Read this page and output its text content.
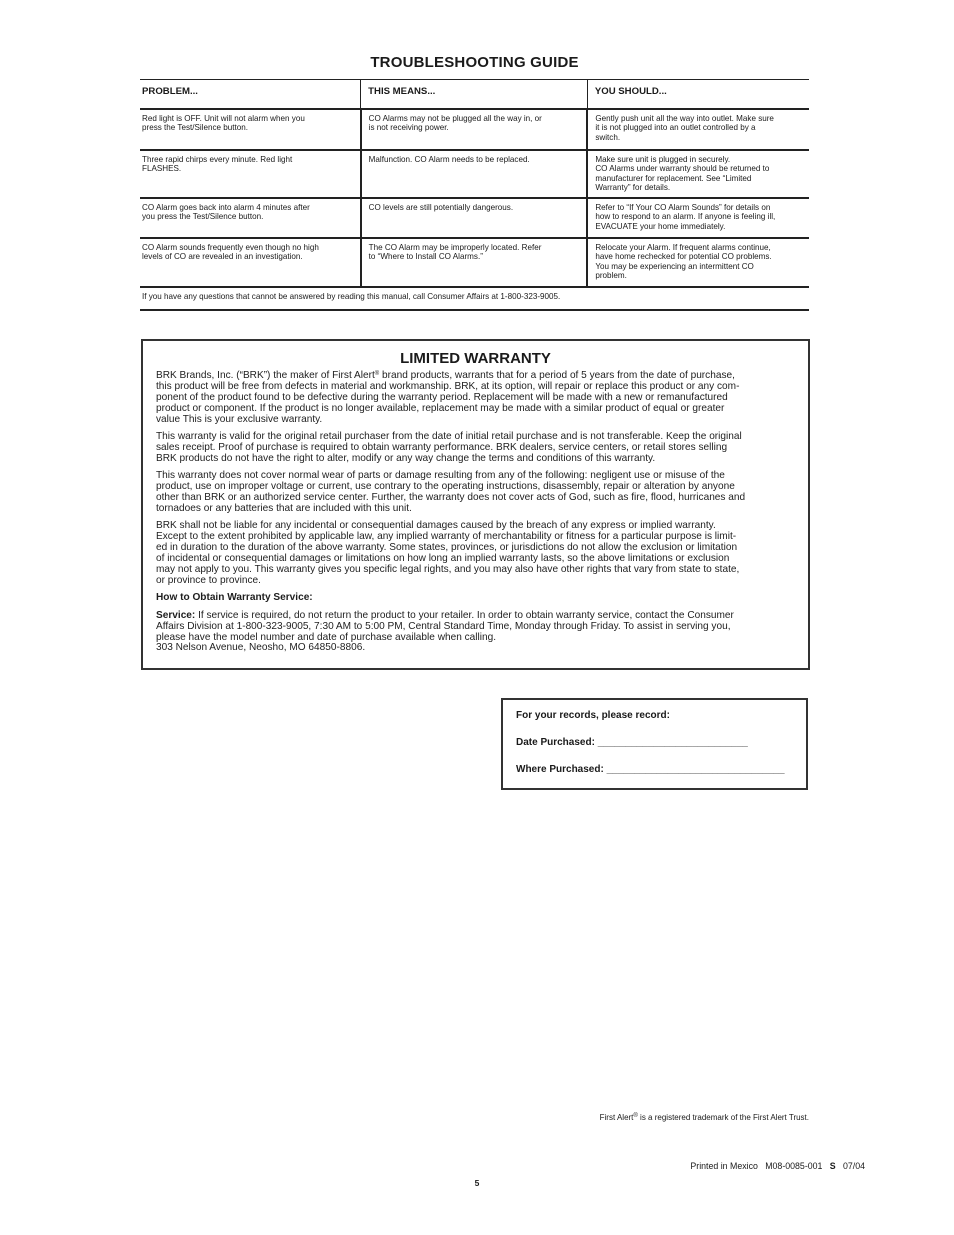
TROUBLESHOOTING GUIDE
PROBLEM...	THIS MEANS...	YOU SHOULD...

Red light is OFF. Unit will not alarm when you
press the Test/Silence button.	CO Alarms may not be plugged all the way in, or
is not receiving power.	Gently push unit all the way into outlet. Make sure
it is not plugged into an outlet controlled by a
switch.

Three rapid chirps every minute. Red light
FLASHES.	Malfunction. CO Alarm needs to be replaced.	Make sure unit is plugged in securely.
CO Alarms under warranty should be returned to
manufacturer for replacement. See “Limited
Warranty” for details.

CO Alarm goes back into alarm 4 minutes after
you press the Test/Silence button.	CO levels are still potentially dangerous.	Refer to “If Your CO Alarm Sounds” for details on
how to respond to an alarm. If anyone is feeling ill,
EVACUATE your home immediately.

CO Alarm sounds frequently even though no high
levels of CO are revealed in an investigation.	The CO Alarm may be improperly located. Refer
to “Where to Install CO Alarms.”	Relocate your Alarm. If frequent alarms continue,
have home rechecked for potential CO problems.
You may be experiencing an intermittent CO
problem.

If you have any questions that cannot be answered by reading this manual, call Consumer Affairs at 1-800-323-9005.		
LIMITED WARRANTY

BRK Brands, Inc. (“BRK”) the maker of First Alert® brand products, warrants that for a period of 5 years from the date of purchase,
this product will be free from defects in material and workmanship. BRK, at its option, will repair or replace this product or any com-
ponent of the product found to be defective during the warranty period. Replacement will be made with a new or remanufactured
product or component. If the product is no longer available, replacement may be made with a similar product of equal or greater
value This is your exclusive warranty.

This warranty is valid for the original retail purchaser from the date of initial retail purchase and is not transferable. Keep the original
sales receipt. Proof of purchase is required to obtain warranty performance. BRK dealers, service centers, or retail stores selling
BRK products do not have the right to alter, modify or any way change the terms and conditions of this warranty.

This warranty does not cover normal wear of parts or damage resulting from any of the following: negligent use or misuse of the
product, use on improper voltage or current, use contrary to the operating instructions, disassembly, repair or alteration by anyone
other than BRK or an authorized service center. Further, the warranty does not cover acts of God, such as fire, flood, hurricanes and
tornadoes or any batteries that are included with this unit.

BRK shall not be liable for any incidental or consequential damages caused by the breach of any express or implied warranty.
Except to the extent prohibited by applicable law, any implied warranty of merchantability or fitness for a particular purpose is limit-
ed in duration to the duration of the above warranty. Some states, provinces, or jurisdictions do not allow the exclusion or limitation
of incidental or consequential damages or limitations on how long an implied warranty lasts, so the above limitations or exclusion
may not apply to you. This warranty gives you specific legal rights, and you may also have other rights that vary from state to state,
or province to province.

How to Obtain Warranty Service:

Service: If service is required, do not return the product to your retailer. In order to obtain warranty service, contact the Consumer
Affairs Division at 1-800-323-9005, 7:30 AM to 5:00 PM, Central Standard Time, Monday through Friday. To assist in serving you,
please have the model number and date of purchase available when calling.
303 Nelson Avenue, Neosho, MO 64850-8806.

For your records, please record:
Date Purchased: ___________________________
Where Purchased: ________________________________
First Alert® is a registered trademark of the First Alert Trust.
Printed in Mexico   M08-0085-001   S   07/04
5
